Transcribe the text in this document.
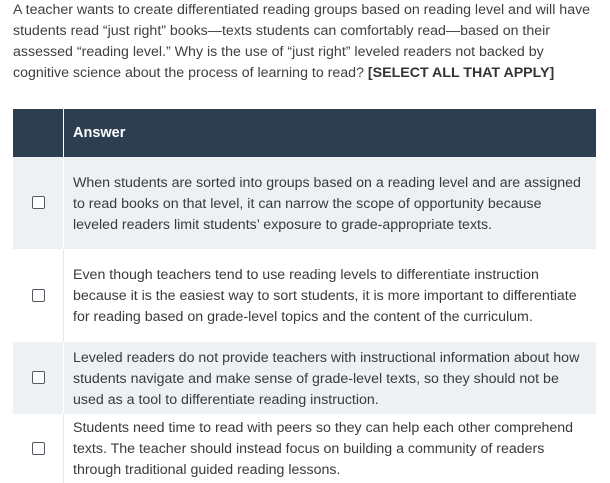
A teacher wants to create differentiated reading groups based on reading level and will have students read “just right” books—texts students can comfortably read—based on their assessed “reading level.” Why is the use of “just right” leveled readers not backed by cognitive science about the process of learning to read? [SELECT ALL THAT APPLY]
	Answer
	When students are sorted into groups based on a reading level and are assigned to read books on that level, it can narrow the scope of opportunity because leveled readers limit students’ exposure to grade-appropriate texts.
	Even though teachers tend to use reading levels to differentiate instruction because it is the easiest way to sort students, it is more important to differentiate for reading based on grade-level topics and the content of the curriculum.
	Leveled readers do not provide teachers with instructional information about how students navigate and make sense of grade-level texts, so they should not be used as a tool to differentiate reading instruction.
	Students need time to read with peers so they can help each other comprehend texts. The teacher should instead focus on building a community of readers through traditional guided reading lessons.
